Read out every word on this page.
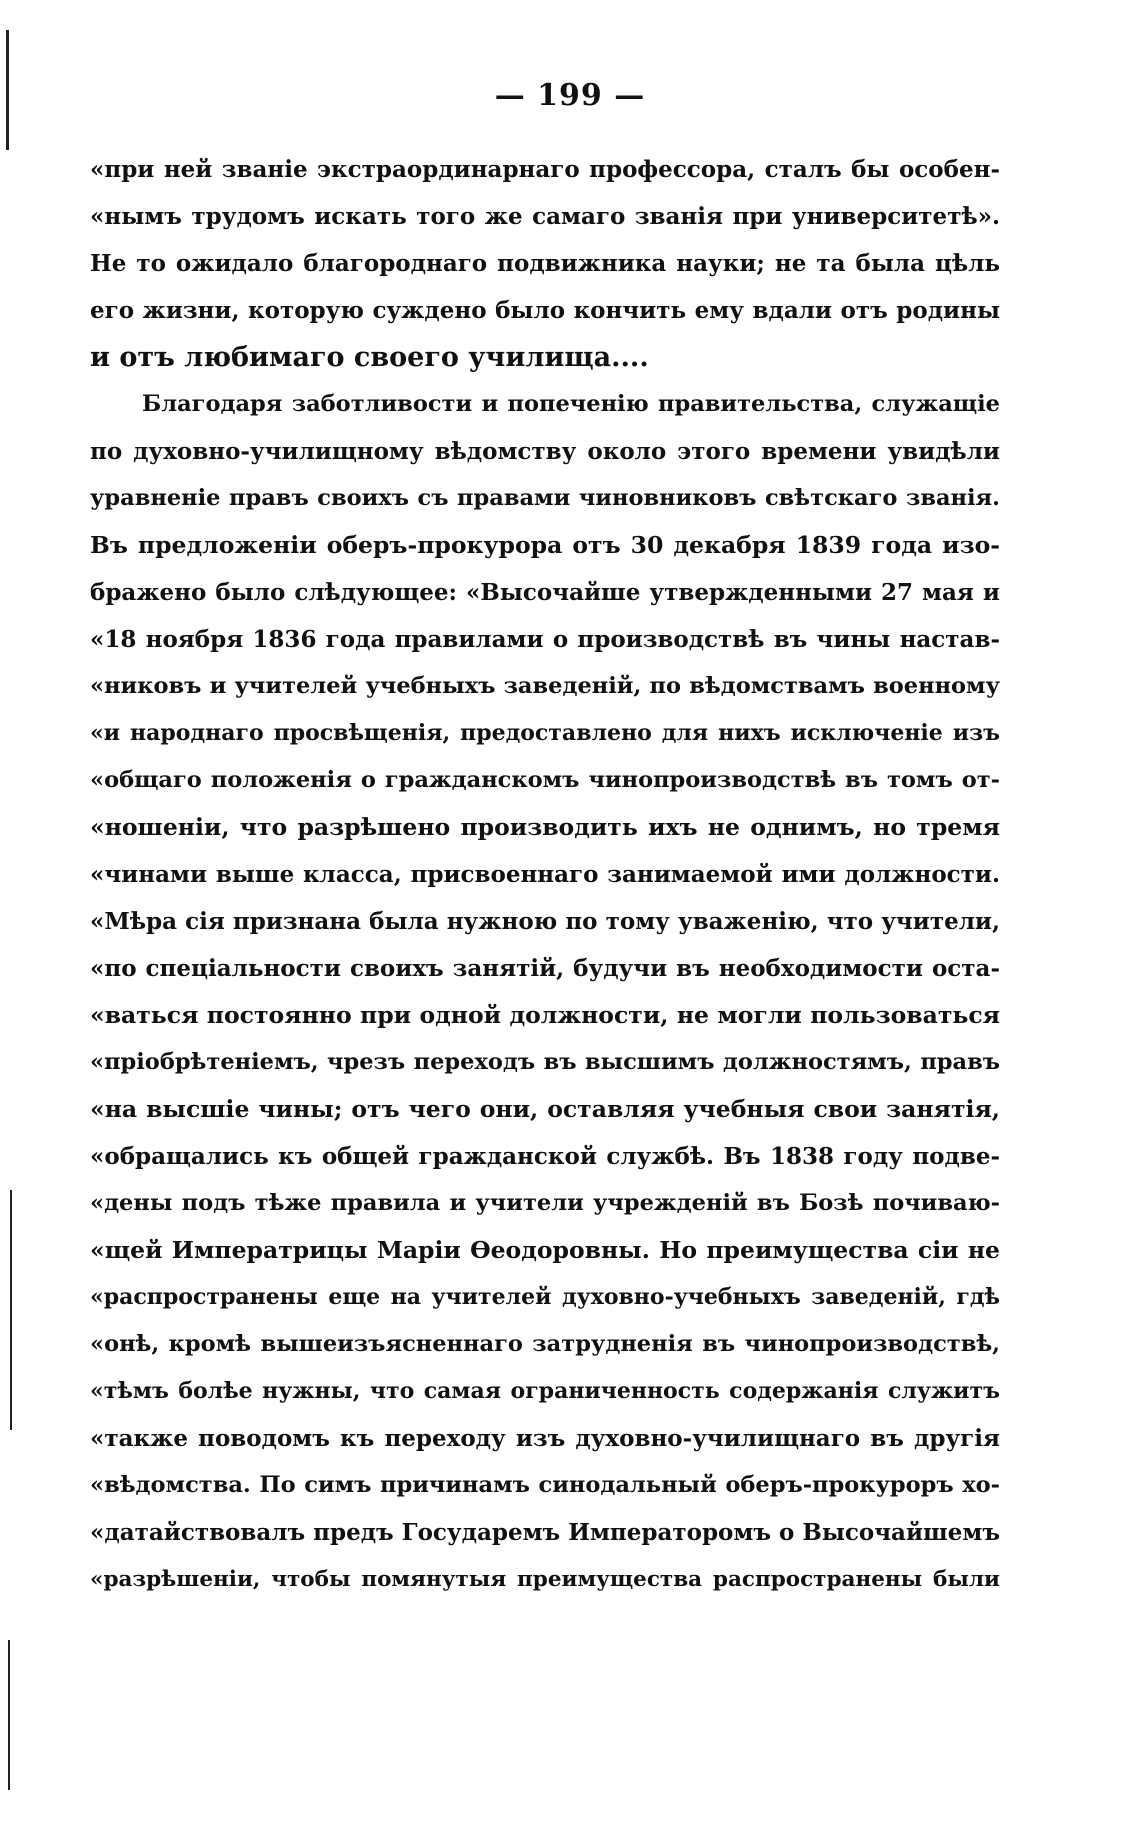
— 199 —
«при ней званіе экстраординарнаго профессора, сталъ бы особен-
«нымъ трудомъ искать того же самаго званія при университетѣ».
Не то ожидало благороднаго подвижника науки; не та была цѣль
его жизни, которую суждено было кончить ему вдали отъ родины
и отъ любимаго своего училища....
Благодаря заботливости и попеченію правительства, служащіе
по духовно-училищному вѣдомству около этого времени увидѣли
уравненіе правъ своихъ съ правами чиновниковъ свѣтскаго званія.
Въ предложеніи оберъ-прокурора отъ 30 декабря 1839 года изо-
бражено было слѣдующее: «Высочайше утвержденными 27 мая и
«18 ноября 1836 года правилами о производствѣ въ чины настав-
«никовъ и учителей учебныхъ заведеній, по вѣдомствамъ военному
«и народнаго просвѣщенія, предоставлено для нихъ исключеніе изъ
«общаго положенія о гражданскомъ чинопроизводствѣ въ томъ от-
«ношеніи, что разрѣшено производить ихъ не однимъ, но тремя
«чинами выше класса, присвоеннаго занимаемой ими должности.
«Мѣра сія признана была нужною по тому уваженію, что учители,
«по спеціальности своихъ занятій, будучи въ необходимости оста-
«ваться постоянно при одной должности, не могли пользоваться
«пріобрѣтеніемъ, чрезъ переходъ въ высшимъ должностямъ, правъ
«на высшіе чины; отъ чего они, оставляя учебныя свои занятія,
«обращались къ общей гражданской службѣ. Въ 1838 году подве-
«дены подъ тѣже правила и учители учрежденій въ Бозѣ почиваю-
«щей Императрицы Маріи Ѳеодоровны. Но преимущества сіи не
«распространены еще на учителей духовно-учебныхъ заведеній, гдѣ
«онѣ, кромѣ вышеизъясненнаго затрудненія въ чинопроизводствѣ,
«тѣмъ болѣе нужны, что самая ограниченность содержанія служитъ
«также поводомъ къ переходу изъ духовно-училищнаго въ другія
«вѣдомства. По симъ причинамъ синодальный оберъ-прокуроръ хо-
«датайствовалъ предъ Государемъ Императоромъ о Высочайшемъ
«разрѣшеніи, чтобы помянутыя преимущества распространены были
